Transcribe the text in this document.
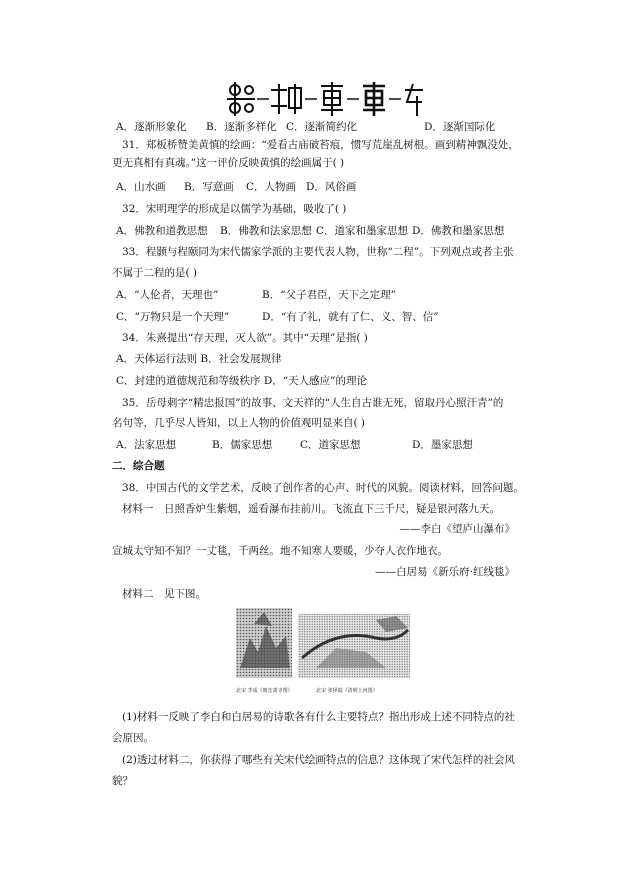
A．逐渐形象化 B．逐渐多样化 C．逐渐简约化	D．逐渐国际化
31．郑板桥赞美黄慎的绘画：“爱看古庙破苔痕，惯写荒崖乱树根。画到精神飘没处，
更无真相有真魂。”这一评价反映黄慎的绘画属于( )
A．山水画 B．写意画 C．人物画 D．风俗画
32．宋明理学的形成是以儒学为基础，吸收了( )
A．佛教和道教思想 B．佛教和法家思想 C．道家和墨家思想 D．佛教和墨家思想
33．程颢与程颐同为宋代儒家学派的主要代表人物，世称“二程”。下列观点或者主张
不属于二程的是( )
A．“人伦者，天理也”	B．“父子君臣，天下之定理”
C．“万物只是一个天理”	D．“有了礼，就有了仁、义、智、信”
34．朱熹提出“存天理，灭人欲”。其中“天理”是指( )
A．天体运行法则 B．社会发展规律
C．封建的道德规范和等级秩序 D．“天人感应”的理论
35．岳母刺字“精忠报国”的故事、文天祥的“人生自古谁无死，留取丹心照汗青”的
名句等，几乎尽人皆知，以上人物的价值观明显来自( )
A．法家思想	B．儒家思想	C．道家思想	D．墨家思想
二．综合题
38．中国古代的文学艺术，反映了创作者的心声、时代的风貌。阅读材料，回答问题。
材料一　日照香炉生紫烟，遥看瀑布挂前川。飞流直下三千尺，疑是银河落九天。
——李白《望庐山瀑布》
宣城太守知不知？一丈毯，千两丝。地不知寒人要暖，少夺人衣作地衣。
——白居易《新乐府·红线毯》
材料二　见下图。
北宋 李成《晴峦萧寺图》	北宋 张择端《清明上河图》
(1)材料一反映了李白和白居易的诗歌各有什么主要特点？指出形成上述不同特点的社
会原因。
(2)透过材料二，你获得了哪些有关宋代绘画特点的信息？这体现了宋代怎样的社会风
貌？
